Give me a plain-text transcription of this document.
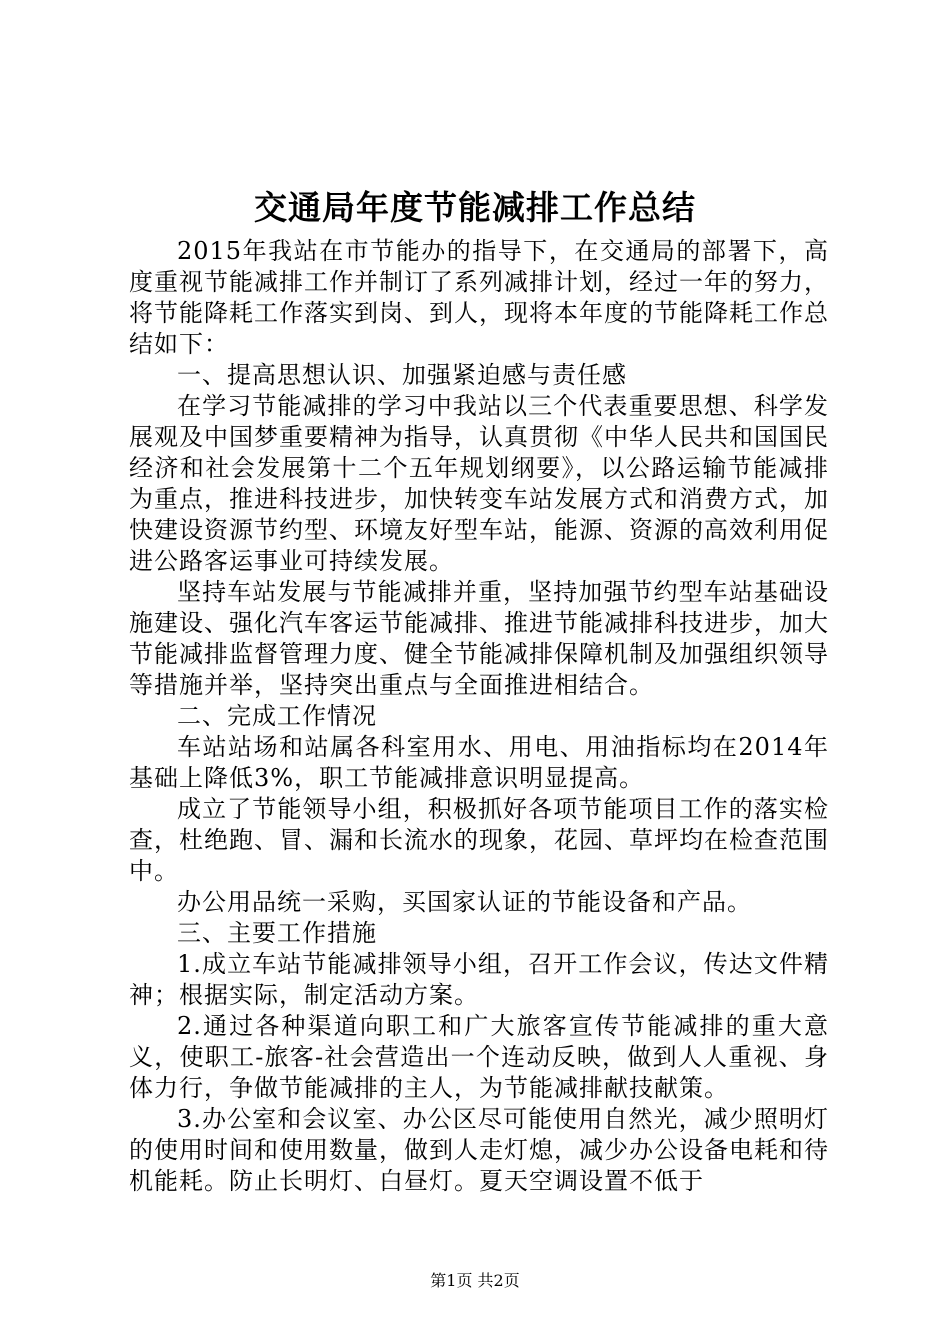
交通局年度节能减排工作总结

2015年我站在市节能办的指导下，在交通局的部署下，高度重视节能减排工作并制订了系列减排计划，经过一年的努力，将节能降耗工作落实到岗、到人，现将本年度的节能降耗工作总结如下：

一、提高思想认识、加强紧迫感与责任感

在学习节能减排的学习中我站以三个代表重要思想、科学发展观及中国梦重要精神为指导，认真贯彻《中华人民共和国国民经济和社会发展第十二个五年规划纲要》，以公路运输节能减排为重点，推进科技进步，加快转变车站发展方式和消费方式，加快建设资源节约型、环境友好型车站，能源、资源的高效利用促进公路客运事业可持续发展。

坚持车站发展与节能减排并重，坚持加强节约型车站基础设施建设、强化汽车客运节能减排、推进节能减排科技进步，加大节能减排监督管理力度、健全节能减排保障机制及加强组织领导等措施并举，坚持突出重点与全面推进相结合。

二、完成工作情况

车站站场和站属各科室用水、用电、用油指标均在2014年基础上降低3%，职工节能减排意识明显提高。

成立了节能领导小组，积极抓好各项节能项目工作的落实检查，杜绝跑、冒、漏和长流水的现象，花园、草坪均在检查范围中。

办公用品统一采购，买国家认证的节能设备和产品。

三、主要工作措施

1.成立车站节能减排领导小组，召开工作会议，传达文件精神；根据实际，制定活动方案。

2.通过各种渠道向职工和广大旅客宣传节能减排的重大意义，使职工-旅客-社会营造出一个连动反映，做到人人重视、身体力行，争做节能减排的主人，为节能减排献技献策。

3.办公室和会议室、办公区尽可能使用自然光，减少照明灯的使用时间和使用数量，做到人走灯熄，减少办公设备电耗和待机能耗。防止长明灯、白昼灯。夏天空调设置不低于

第1页 共2页
